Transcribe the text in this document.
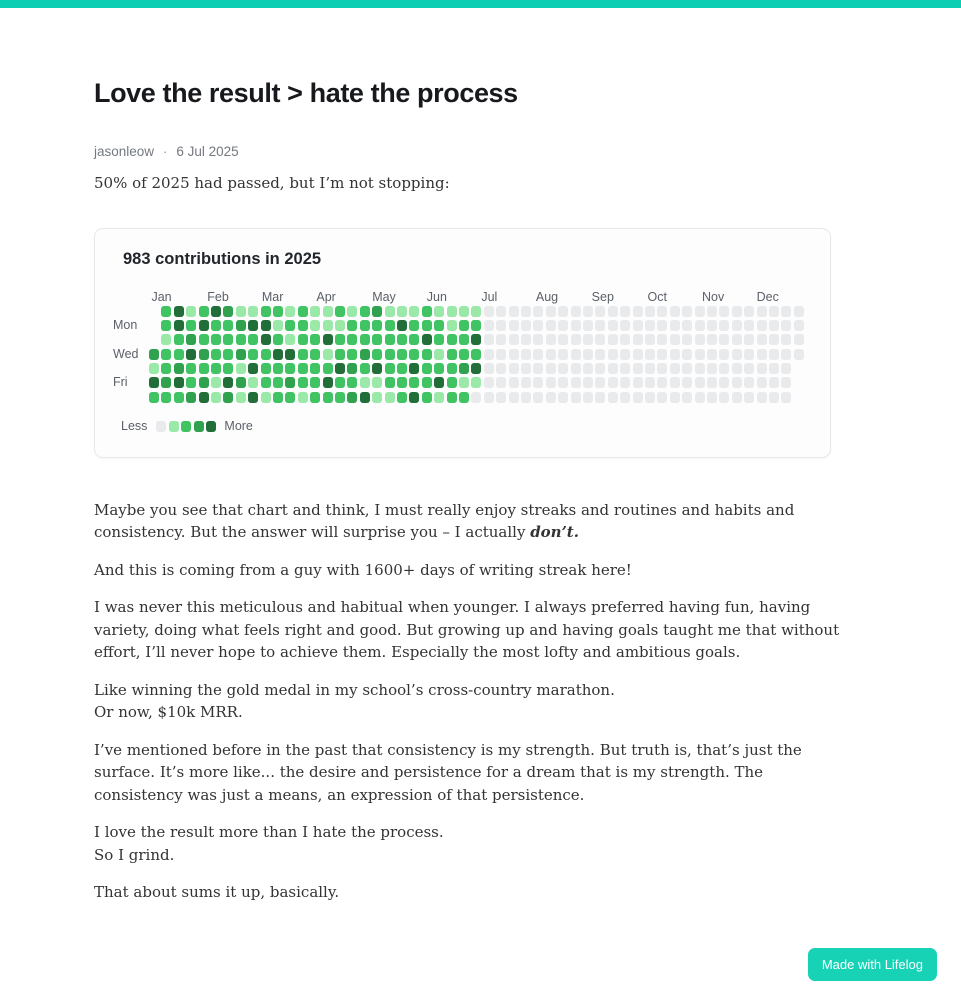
Love the result > hate the process
jasonleow · 6 Jul 2025

50% of 2025 had passed, but I’m not stopping:

983 contributions in 2025
Jan	Feb	Mar	Apr	May Jun	Jul	Aug	Sep	Oct	Nov	Dec
Mon
Wed
Fri
Less	More

Maybe you see that chart and think, I must really enjoy streaks and routines and habits and consistency. But the answer will surprise you – I actually don’t.

And this is coming from a guy with 1600+ days of writing streak here!

I was never this meticulous and habitual when younger. I always preferred having fun, having variety, doing what feels right and good. But growing up and having goals taught me that without effort, I’ll never hope to achieve them. Especially the most lofty and ambitious goals.

Like winning the gold medal in my school’s cross-country marathon.
Or now, $10k MRR.

I’ve mentioned before in the past that consistency is my strength. But truth is, that’s just the surface. It’s more like... the desire and persistence for a dream that is my strength. The consistency was just a means, an expression of that persistence.

I love the result more than I hate the process.
So I grind.

That about sums it up, basically.

Made with Lifelog
